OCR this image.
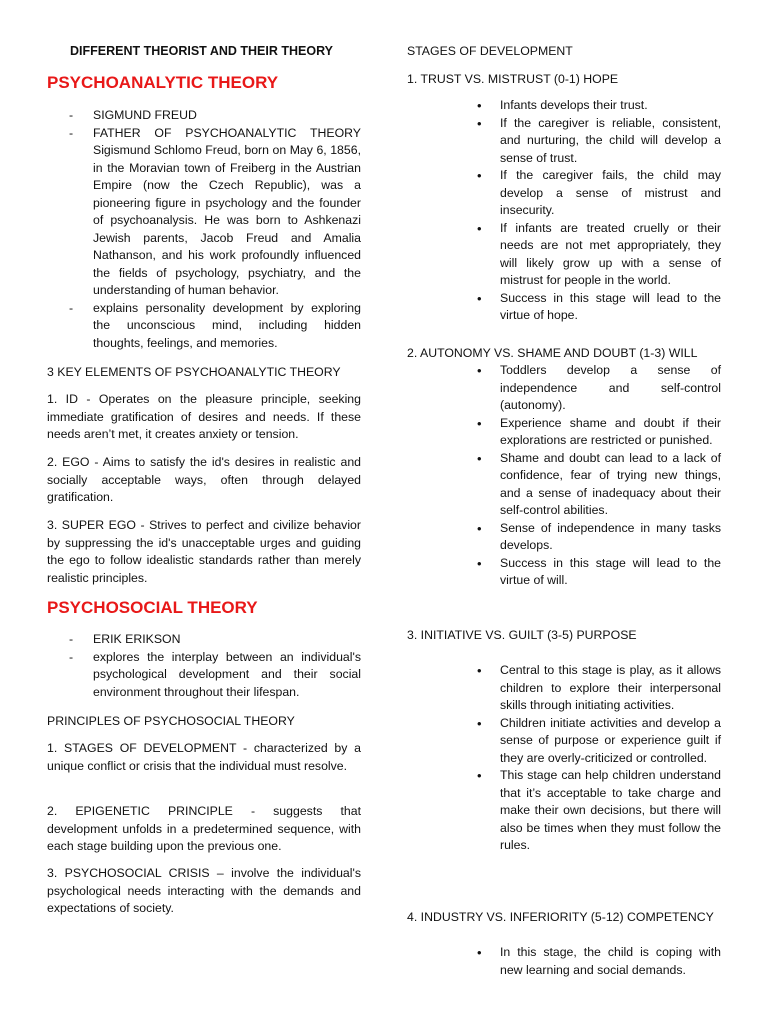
DIFFERENT THEORIST AND THEIR THEORY
PSYCHOANALYTIC THEORY
- SIGMUND FREUD
- FATHER OF PSYCHOANALYTIC THEORY Sigismund Schlomo Freud, born on May 6, 1856, in the Moravian town of Freiberg in the Austrian Empire (now the Czech Republic), was a pioneering figure in psychology and the founder of psychoanalysis. He was born to Ashkenazi Jewish parents, Jacob Freud and Amalia Nathanson, and his work profoundly influenced the fields of psychology, psychiatry, and the understanding of human behavior.
- explains personality development by exploring the unconscious mind, including hidden thoughts, feelings, and memories.
3 KEY ELEMENTS OF PSYCHOANALYTIC THEORY
1. ID - Operates on the pleasure principle, seeking immediate gratification of desires and needs. If these needs aren’t met, it creates anxiety or tension.
2. EGO - Aims to satisfy the id's desires in realistic and socially acceptable ways, often through delayed gratification.
3. SUPER EGO - Strives to perfect and civilize behavior by suppressing the id's unacceptable urges and guiding the ego to follow idealistic standards rather than merely realistic principles.
PSYCHOSOCIAL THEORY
- ERIK ERIKSON
- explores the interplay between an individual's psychological development and their social environment throughout their lifespan.
PRINCIPLES OF PSYCHOSOCIAL THEORY
1. STAGES OF DEVELOPMENT - characterized by a unique conflict or crisis that the individual must resolve.
2. EPIGENETIC PRINCIPLE - suggests that development unfolds in a predetermined sequence, with each stage building upon the previous one.
3. PSYCHOSOCIAL CRISIS – involve the individual's psychological needs interacting with the demands and expectations of society.
STAGES OF DEVELOPMENT
1. TRUST VS. MISTRUST (0-1) HOPE
• Infants develops their trust.
• If the caregiver is reliable, consistent, and nurturing, the child will develop a sense of trust.
• If the caregiver fails, the child may develop a sense of mistrust and insecurity.
• If infants are treated cruelly or their needs are not met appropriately, they will likely grow up with a sense of mistrust for people in the world.
• Success in this stage will lead to the virtue of hope.
2. AUTONOMY VS. SHAME AND DOUBT (1-3) WILL
• Toddlers develop a sense of independence and self-control (autonomy).
• Experience shame and doubt if their explorations are restricted or punished.
• Shame and doubt can lead to a lack of confidence, fear of trying new things, and a sense of inadequacy about their self-control abilities.
• Sense of independence in many tasks develops.
• Success in this stage will lead to the virtue of will.
3. INITIATIVE VS. GUILT (3-5) PURPOSE
• Central to this stage is play, as it allows children to explore their interpersonal skills through initiating activities.
• Children initiate activities and develop a sense of purpose or experience guilt if they are overly-criticized or controlled.
• This stage can help children understand that it’s acceptable to take charge and make their own decisions, but there will also be times when they must follow the rules.
4. INDUSTRY VS. INFERIORITY (5-12) COMPETENCY
• In this stage, the child is coping with new learning and social demands.
